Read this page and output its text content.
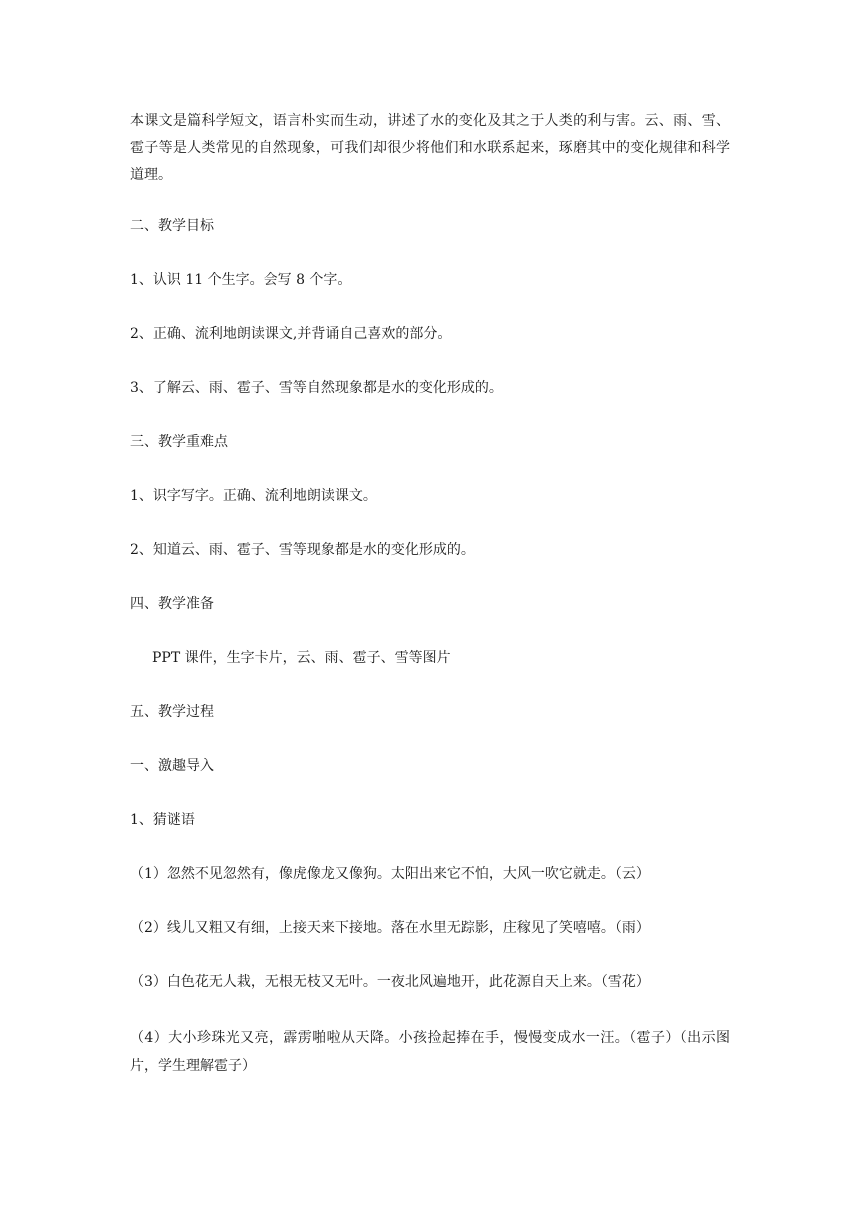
本课文是篇科学短文，语言朴实而生动，讲述了水的变化及其之于人类的利与害。云、雨、雪、雹子等是人类常见的自然现象，可我们却很少将他们和水联系起来，琢磨其中的变化规律和科学道理。

二、教学目标

1、认识 11 个生字。会写 8 个字。

2、正确、流利地朗读课文,并背诵自己喜欢的部分。

3、了解云、雨、雹子、雪等自然现象都是水的变化形成的。

三、教学重难点

1、识字写字。正确、流利地朗读课文。

2、知道云、雨、雹子、雪等现象都是水的变化形成的。

四、教学准备

PPT 课件，生字卡片，云、雨、雹子、雪等图片

五、教学过程

一、激趣导入

1、猜谜语

（1）忽然不见忽然有，像虎像龙又像狗。太阳出来它不怕，大风一吹它就走。（云）

（2）线儿又粗又有细，上接天来下接地。落在水里无踪影，庄稼见了笑嘻嘻。（雨）

（3）白色花无人栽，无根无枝又无叶。一夜北风遍地开，此花源自天上来。（雪花）

（4）大小珍珠光又亮，霹雳啪啦从天降。小孩捡起捧在手，慢慢变成水一汪。（雹子）（出示图片，学生理解雹子）
